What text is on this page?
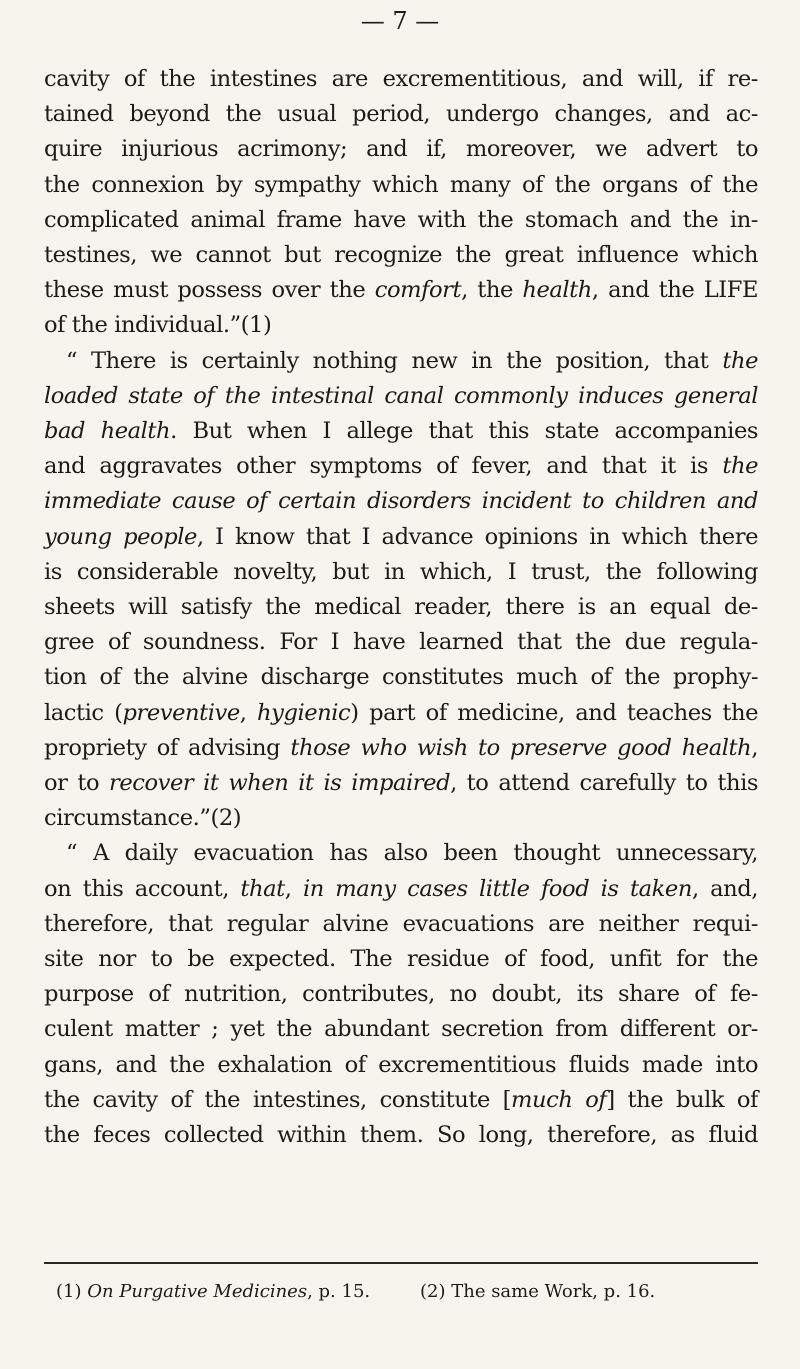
— 7 —
cavity of the intestines are excrementitious, and will, if re-
tained beyond the usual period, undergo changes, and ac-
quire injurious acrimony; and if, moreover, we advert to
the connexion by sympathy which many of the organs of the
complicated animal frame have with the stomach and the in-
testines, we cannot but recognize the great influence which
these must possess over the comfort, the health, and the LIFE
of the individual.”(1)
“ There is certainly nothing new in the position, that the
loaded state of the intestinal canal commonly induces general
bad health. But when I allege that this state accompanies
and aggravates other symptoms of fever, and that it is the
immediate cause of certain disorders incident to children and
young people, I know that I advance opinions in which there
is considerable novelty, but in which, I trust, the following
sheets will satisfy the medical reader, there is an equal de-
gree of soundness. For I have learned that the due regula-
tion of the alvine discharge constitutes much of the prophy-
lactic (preventive, hygienic) part of medicine, and teaches the
propriety of advising those who wish to preserve good health,
or to recover it when it is impaired, to attend carefully to this
circumstance.”(2)
“ A daily evacuation has also been thought unnecessary,
on this account, that, in many cases little food is taken, and,
therefore, that regular alvine evacuations are neither requi-
site nor to be expected. The residue of food, unfit for the
purpose of nutrition, contributes, no doubt, its share of fe-
culent matter ; yet the abundant secretion from different or-
gans, and the exhalation of excrementitious fluids made into
the cavity of the intestines, constitute [much of] the bulk of
the feces collected within them. So long, therefore, as fluid
(1) On Purgative Medicines, p. 15.	(2) The same Work, p. 16.
